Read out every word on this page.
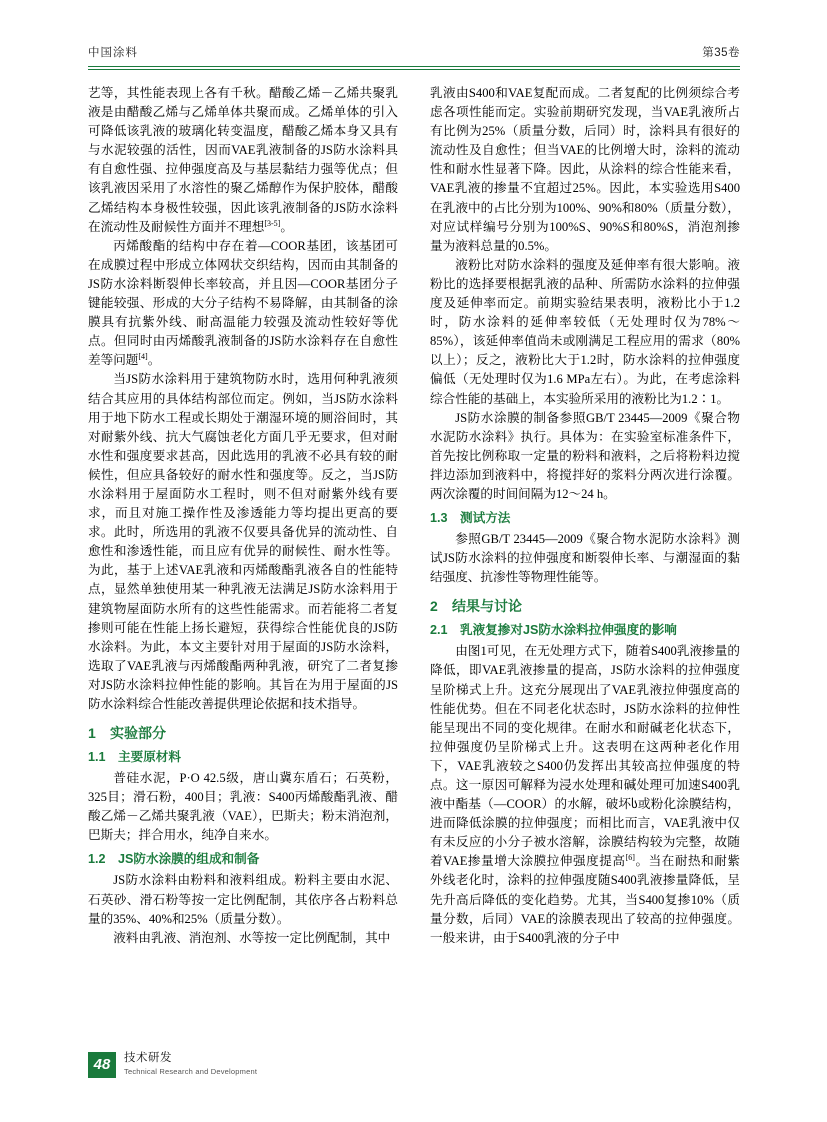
中国涂料	第35卷

艺等，其性能表现上各有千秋。醋酸乙烯－乙烯共聚乳液是由醋酸乙烯与乙烯单体共聚而成。乙烯单体的引入可降低该乳液的玻璃化转变温度，醋酸乙烯本身又具有与水泥较强的活性，因而VAE乳液制备的JS防水涂料具有自愈性强、拉伸强度高及与基层黏结力强等优点；但该乳液因采用了水溶性的聚乙烯醇作为保护胶体，醋酸乙烯结构本身极性较强，因此该乳液制备的JS防水涂料在流动性及耐候性方面并不理想[3-5]。

丙烯酸酯的结构中存在着—COOR基团，该基团可在成膜过程中形成立体网状交织结构，因而由其制备的JS防水涂料断裂伸长率较高，并且因—COOR基团分子键能较强、形成的大分子结构不易降解，由其制备的涂膜具有抗紫外线、耐高温能力较强及流动性较好等优点。但同时由丙烯酸乳液制备的JS防水涂料存在自愈性差等问题[4]。

当JS防水涂料用于建筑物防水时，选用何种乳液须结合其应用的具体结构部位而定。例如，当JS防水涂料用于地下防水工程或长期处于潮湿环境的厕浴间时，其对耐紫外线、抗大气腐蚀老化方面几乎无要求，但对耐水性和强度要求甚高，因此选用的乳液不必具有较的耐候性，但应具备较好的耐水性和强度等。反之，当JS防水涂料用于屋面防水工程时，则不但对耐紫外线有要求，而且对施工操作性及渗透能力等均提出更高的要求。此时，所选用的乳液不仅要具备优异的流动性、自愈性和渗透性能，而且应有优异的耐候性、耐水性等。为此，基于上述VAE乳液和丙烯酸酯乳液各自的性能特点，显然单独使用某一种乳液无法满足JS防水涂料用于建筑物屋面防水所有的这些性能需求。而若能将二者复掺则可能在性能上扬长避短，获得综合性能优良的JS防水涂料。为此，本文主要针对用于屋面的JS防水涂料，选取了VAE乳液与丙烯酸酯两种乳液，研究了二者复掺对JS防水涂料拉伸性能的影响。其旨在为用于屋面的JS防水涂料综合性能改善提供理论依据和技术指导。

1 实验部分
1.1 主要原材料

普硅水泥，P·O 42.5级，唐山冀东盾石；石英粉，325目；滑石粉，400目；乳液：S400丙烯酸酯乳液、醋酸乙烯－乙烯共聚乳液（VAE），巴斯夫；粉末消泡剂，巴斯夫；拌合用水，纯净自来水。

1.2 JS防水涂膜的组成和制备

JS防水涂料由粉料和液料组成。粉料主要由水泥、石英砂、滑石粉等按一定比例配制，其依序各占粉料总量的35%、40%和25%（质量分数）。

液料由乳液、消泡剂、水等按一定比例配制，其中

乳液由S400和VAE复配而成。二者复配的比例须综合考虑各项性能而定。实验前期研究发现，当VAE乳液所占有比例为25%（质量分数，后同）时，涂料具有很好的流动性及自愈性；但当VAE的比例增大时，涂料的流动性和耐水性显著下降。因此，从涂料的综合性能来看，VAE乳液的掺量不宜超过25%。因此，本实验选用S400在乳液中的占比分别为100%、90%和80%（质量分数），对应试样编号分别为100%S、90%S和80%S，消泡剂掺量为液料总量的0.5%。

液粉比对防水涂料的强度及延伸率有很大影响。液粉比的选择要根据乳液的品种、所需防水涂料的拉伸强度及延伸率而定。前期实验结果表明，液粉比小于1.2时，防水涂料的延伸率较低（无处理时仅为78%～85%），该延伸率值尚未或刚满足工程应用的需求（80%以上）；反之，液粉比大于1.2时，防水涂料的拉伸强度偏低（无处理时仅为1.6 MPa左右）。为此，在考虑涂料综合性能的基础上，本实验所采用的液粉比为1.2∶1。

JS防水涂膜的制备参照GB/T 23445—2009《聚合物水泥防水涂料》执行。具体为：在实验室标准条件下，首先按比例称取一定量的粉料和液料，之后将粉料边搅拌边添加到液料中，将搅拌好的浆料分两次进行涂覆。两次涂覆的时间间隔为12～24 h。

1.3 测试方法

参照GB/T 23445—2009《聚合物水泥防水涂料》测试JS防水涂料的拉伸强度和断裂伸长率、与潮湿面的黏结强度、抗渗性等物理性能等。

2 结果与讨论
2.1 乳液复掺对JS防水涂料拉伸强度的影响

由图1可见，在无处理方式下，随着S400乳液掺量的降低，即VAE乳液掺量的提高，JS防水涂料的拉伸强度呈阶梯式上升。这充分展现出了VAE乳液拉伸强度高的性能优势。但在不同老化状态时，JS防水涂料的拉伸性能呈现出不同的变化规律。在耐水和耐碱老化状态下，拉伸强度仍呈阶梯式上升。这表明在这两种老化作用下，VAE乳液较之S400仍发挥出其较高拉伸强度的特点。这一原因可解释为浸水处理和碱处理可加速S400乳液中酯基（—COOR）的水解，破坏ს或粉化涂膜结构，进而降低涂膜的拉伸强度；而相比而言，VAE乳液中仅有未反应的小分子被水溶解，涂膜结构较为完整，故随着VAE掺量增大涂膜拉伸强度提高[6]。当在耐热和耐紫外线老化时，涂料的拉伸强度随S400乳液掺量降低，呈先升高后降低的变化趋势。尤其，当S400复掺10%（质量分数，后同）VAE的涂膜表现出了较高的拉伸强度。一般来讲，由于S400乳液的分子中

48	技术研发
Technical Research and Development
